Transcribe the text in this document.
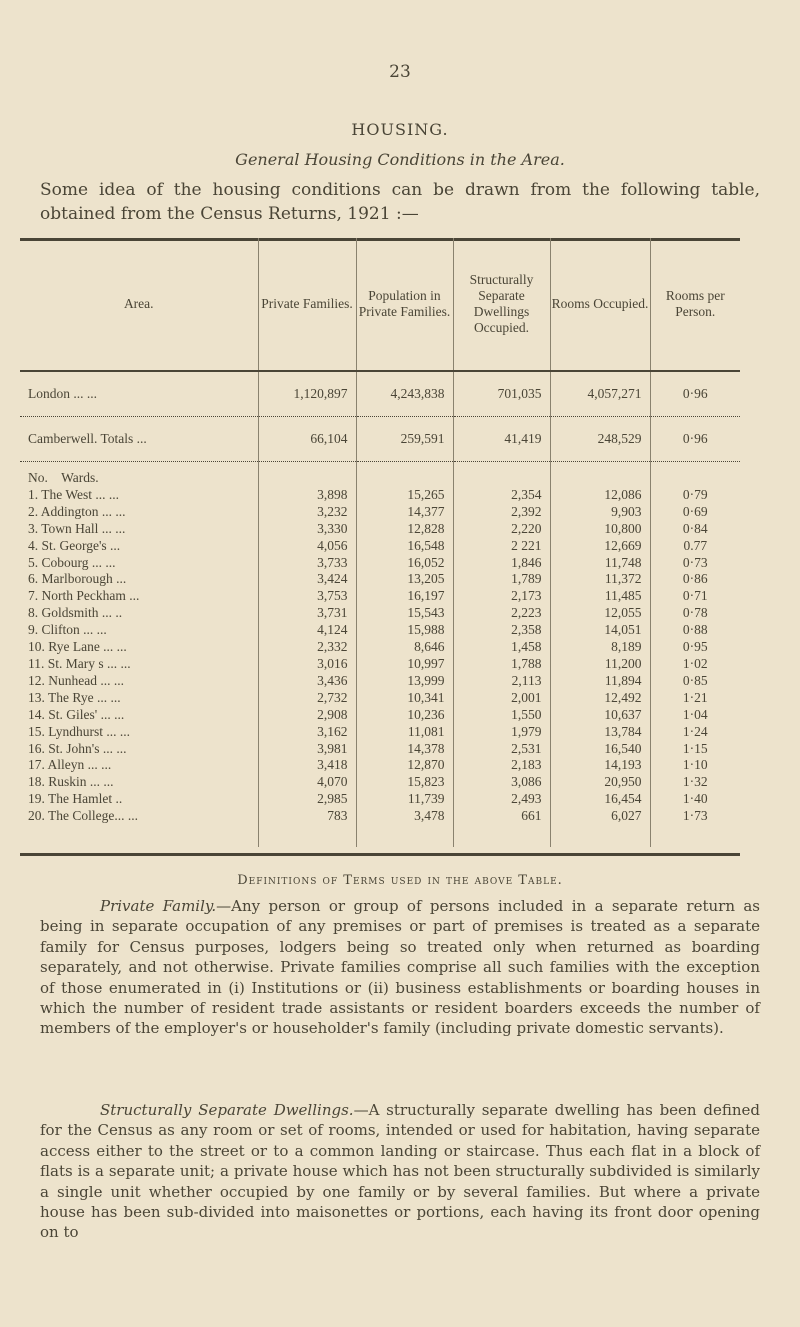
23
HOUSING.
General Housing Conditions in the Area.
Some idea of the housing conditions can be drawn from the following table, obtained from the Census Returns, 1921 :—
Area.	Private Families.	Population in Private Families.	Structurally Separate Dwellings Occupied.	Rooms Occupied.	Rooms per Person.
London ... ...	1,120,897	4,243,838	701,035	4,057,271	0·96
Camberwell. Totals ...	66,104	259,591	41,419	248,529	0·96
No.    Wards.					
1. The West ... ...	3,898	15,265	2,354	12,086	0·79
2. Addington ... ...	3,232	14,377	2,392	9,903	0·69
3. Town Hall ... ...	3,330	12,828	2,220	10,800	0·84
4. St. George's ...	4,056	16,548	2 221	12,669	0.77
5. Cobourg ... ...	3,733	16,052	1,846	11,748	0·73
6. Marlborough ...	3,424	13,205	1,789	11,372	0·86
7. North Peckham ...	3,753	16,197	2,173	11,485	0·71
8. Goldsmith ... ..	3,731	15,543	2,223	12,055	0·78
9. Clifton ... ...	4,124	15,988	2,358	14,051	0·88
10. Rye Lane ... ...	2,332	8,646	1,458	8,189	0·95
11. St. Mary s ... ...	3,016	10,997	1,788	11,200	1·02
12. Nunhead ... ...	3,436	13,999	2,113	11,894	0·85
13. The Rye ... ...	2,732	10,341	2,001	12,492	1·21
14. St. Giles' ... ...	2,908	10,236	1,550	10,637	1·04
15. Lyndhurst ... ...	3,162	11,081	1,979	13,784	1·24
16. St. John's ... ...	3,981	14,378	2,531	16,540	1·15
17. Alleyn ... ...	3,418	12,870	2,183	14,193	1·10
18. Ruskin ... ...	4,070	15,823	3,086	20,950	1·32
19. The Hamlet ..	2,985	11,739	2,493	16,454	1·40
20. The College... ...	783	3,478	661	6,027	1·73

Definitions of Terms used in the above Table.
Private Family.—Any person or group of persons included in a separate return as being in separate occupation of any premises or part of premises is treated as a separate family for Census purposes, lodgers being so treated only when returned as boarding separately, and not otherwise. Private families comprise all such families with the exception of those enumerated in (i) Institutions or (ii) business establishments or boarding houses in which the number of resident trade assistants or resident boarders exceeds the number of members of the employer's or householder's family (including private domestic servants).
Structurally Separate Dwellings.—A structurally separate dwelling has been defined for the Census as any room or set of rooms, intended or used for habitation, having separate access either to the street or to a common landing or staircase. Thus each flat in a block of flats is a separate unit; a private house which has not been structurally subdivided is similarly a single unit whether occupied by one family or by several families. But where a private house has been sub-divided into maisonettes or portions, each having its front door opening on to
